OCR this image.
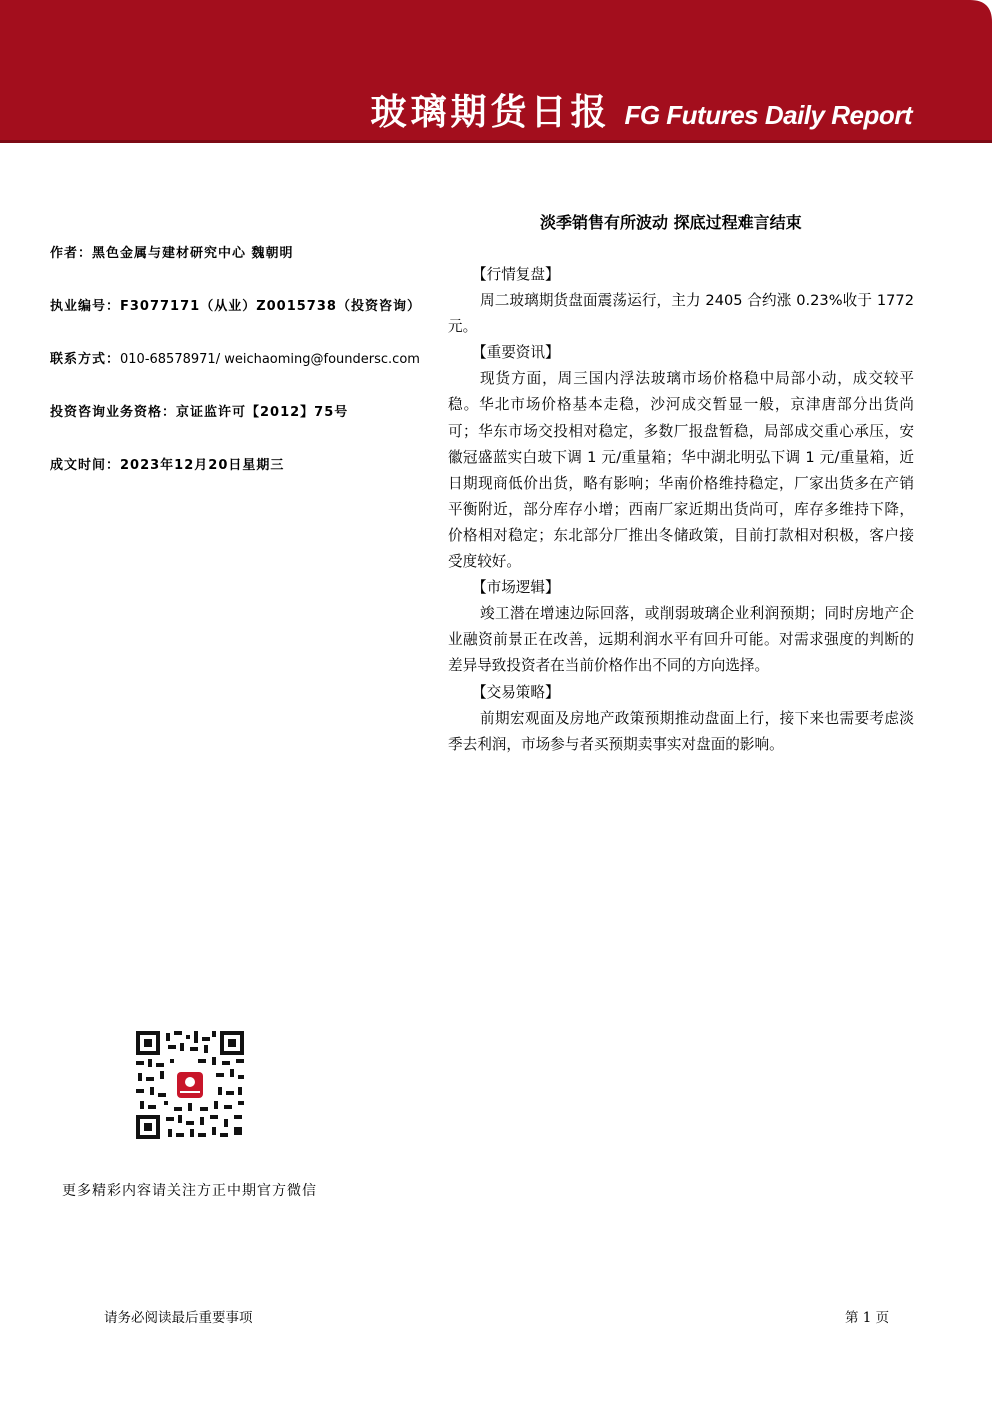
玻璃期货日报 FG Futures Daily Report
作者：黑色金属与建材研究中心 魏朝明
执业编号：F3077171（从业）Z0015738（投资咨询）
联系方式：010-68578971/ weichaoming@foundersc.com
投资咨询业务资格：京证监许可【2012】75号
成文时间：2023年12月20日星期三
淡季销售有所波动 探底过程难言结束
【行情复盘】

周二玻璃期货盘面震荡运行，主力 2405 合约涨 0.23%收于 1772 元。

【重要资讯】

现货方面，周三国内浮法玻璃市场价格稳中局部小动，成交较平稳。华北市场价格基本走稳，沙河成交暂显一般，京津唐部分出货尚可；华东市场交投相对稳定，多数厂报盘暂稳，局部成交重心承压，安徽冠盛蓝实白玻下调 1 元/重量箱；华中湖北明弘下调 1 元/重量箱，近日期现商低价出货，略有影响；华南价格维持稳定，厂家出货多在产销平衡附近，部分库存小增；西南厂家近期出货尚可，库存多维持下降，价格相对稳定；东北部分厂推出冬储政策，目前打款相对积极，客户接受度较好。

【市场逻辑】

竣工潜在增速边际回落，或削弱玻璃企业利润预期；同时房地产企业融资前景正在改善，远期利润水平有回升可能。对需求强度的判断的差异导致投资者在当前价格作出不同的方向选择。

【交易策略】

前期宏观面及房地产政策预期推动盘面上行，接下来也需要考虑淡季去利润，市场参与者买预期卖事实对盘面的影响。

更多精彩内容请关注方正中期官方微信
请务必阅读最后重要事项	第 1 页
